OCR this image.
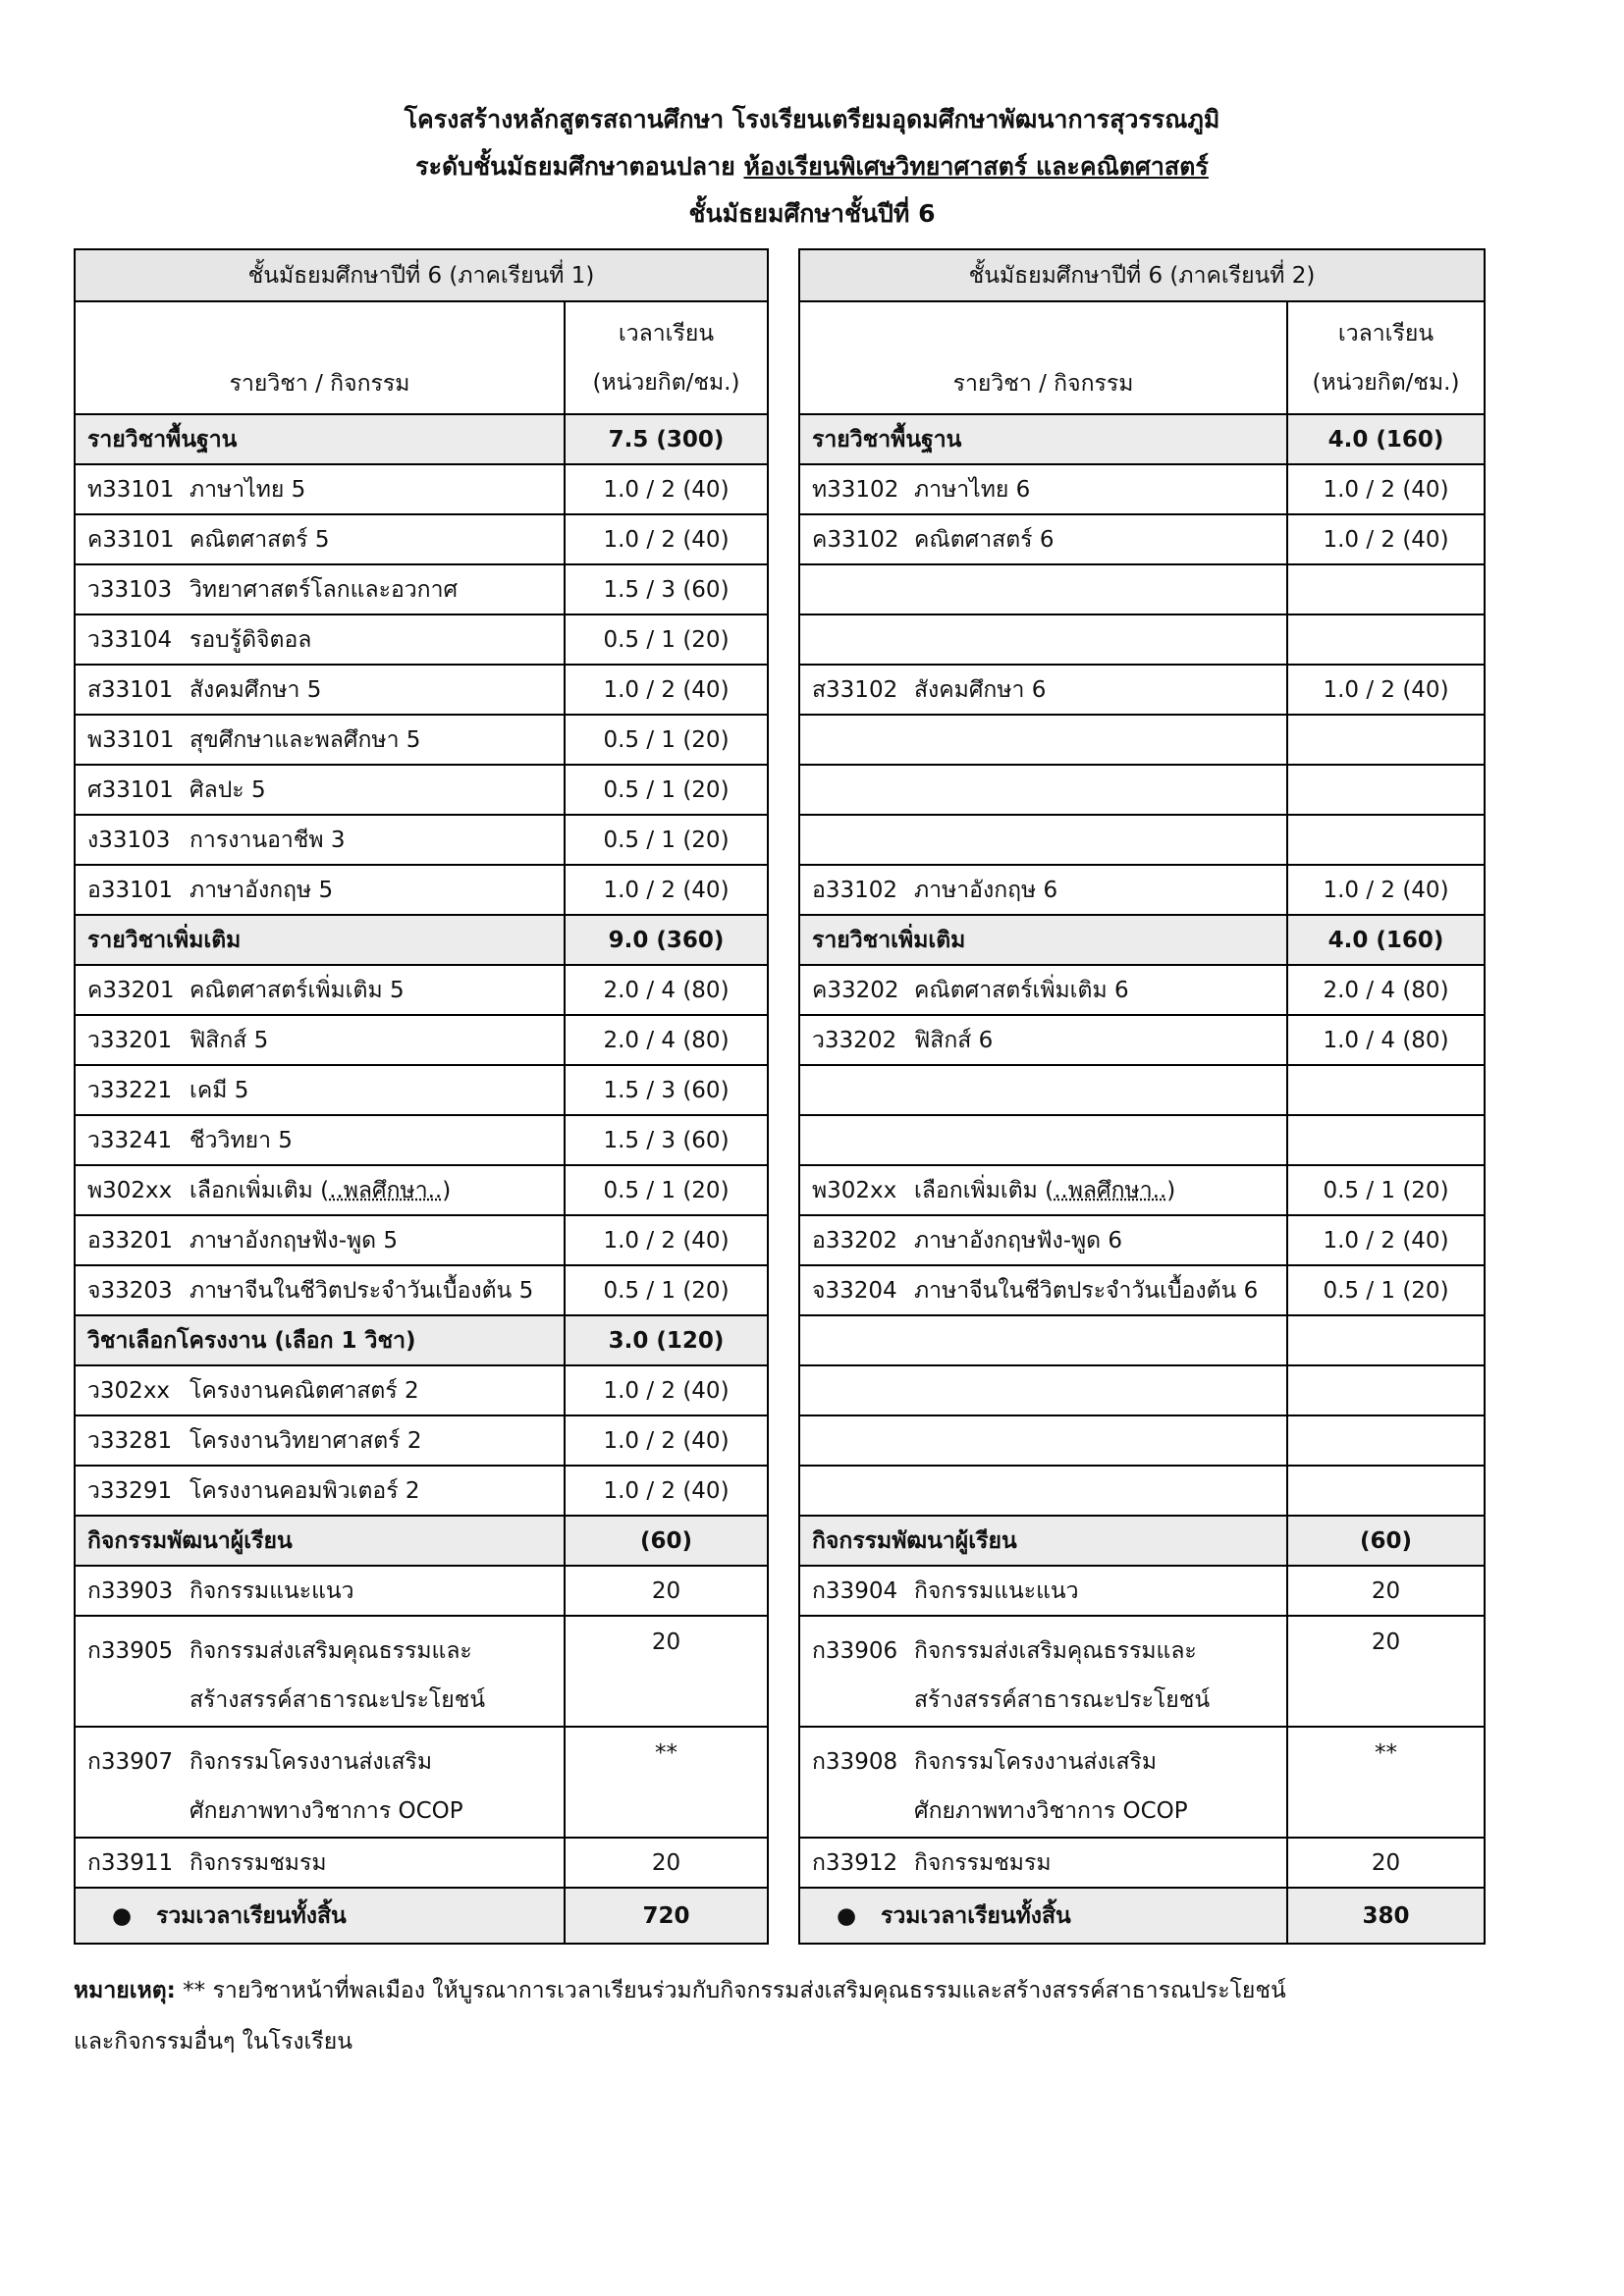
โครงสร้างหลักสูตรสถานศึกษา โรงเรียนเตรียมอุดมศึกษาพัฒนาการสุวรรณภูมิ
ระดับชั้นมัธยมศึกษาตอนปลาย ห้องเรียนพิเศษวิทยาศาสตร์ และคณิตศาสตร์
ชั้นมัธยมศึกษาชั้นปีที่ 6
ชั้นมัธยมศึกษาปีที่ 6 (ภาคเรียนที่ 1)	
รายวิชา / กิจกรรม	เวลาเรียน
(หน่วยกิต/ชม.)
รายวิชาพื้นฐาน	7.5 (300)
ท33101 ภาษาไทย 5	1.0 / 2 (40)
ค33101 คณิตศาสตร์ 5	1.0 / 2 (40)
ว33103 วิทยาศาสตร์โลกและอวกาศ	1.5 / 3 (60)
ว33104 รอบรู้ดิจิตอล	0.5 / 1 (20)
ส33101 สังคมศึกษา 5	1.0 / 2 (40)
พ33101 สุขศึกษาและพลศึกษา 5	0.5 / 1 (20)
ศ33101 ศิลปะ 5	0.5 / 1 (20)
ง33103 การงานอาชีพ 3	0.5 / 1 (20)
อ33101 ภาษาอังกฤษ 5	1.0 / 2 (40)
รายวิชาเพิ่มเติม	9.0 (360)
ค33201 คณิตศาสตร์เพิ่มเติม 5	2.0 / 4 (80)
ว33201 ฟิสิกส์ 5	2.0 / 4 (80)
ว33221 เคมี 5	1.5 / 3 (60)
ว33241 ชีววิทยา 5	1.5 / 3 (60)
พ302xx เลือกเพิ่มเติม (..พลศึกษา..)	0.5 / 1 (20)
อ33201 ภาษาอังกฤษฟัง-พูด 5	1.0 / 2 (40)
จ33203 ภาษาจีนในชีวิตประจำวันเบื้องต้น 5	0.5 / 1 (20)
วิชาเลือกโครงงาน (เลือก 1 วิชา)	3.0 (120)
ว302xx โครงงานคณิตศาสตร์ 2	1.0 / 2 (40)
ว33281 โครงงานวิทยาศาสตร์ 2	1.0 / 2 (40)
ว33291 โครงงานคอมพิวเตอร์ 2	1.0 / 2 (40)
กิจกรรมพัฒนาผู้เรียน	(60)
ก33903 กิจกรรมแนะแนว	20
ก33905 กิจกรรมส่งเสริมคุณธรรมและ
สร้างสรรค์สาธารณะประโยชน์	20
ก33907 กิจกรรมโครงงานส่งเสริม
ศักยภาพทางวิชาการ OCOP	**
ก33911 กิจกรรมชมรม	20
● รวมเวลาเรียนทั้งสิ้น	720
ชั้นมัธยมศึกษาปีที่ 6 (ภาคเรียนที่ 2)	
รายวิชา / กิจกรรม	เวลาเรียน
(หน่วยกิต/ชม.)
รายวิชาพื้นฐาน	4.0 (160)
ท33102 ภาษาไทย 6	1.0 / 2 (40)
ค33102 คณิตศาสตร์ 6	1.0 / 2 (40)

ส33102 สังคมศึกษา 6	1.0 / 2 (40)

อ33102 ภาษาอังกฤษ 6	1.0 / 2 (40)
รายวิชาเพิ่มเติม	4.0 (160)
ค33202 คณิตศาสตร์เพิ่มเติม 6	2.0 / 4 (80)
ว33202 ฟิสิกส์ 6	1.0 / 4 (80)

พ302xx เลือกเพิ่มเติม (..พลศึกษา..)	0.5 / 1 (20)
อ33202 ภาษาอังกฤษฟัง-พูด 6	1.0 / 2 (40)
จ33204 ภาษาจีนในชีวิตประจำวันเบื้องต้น 6	0.5 / 1 (20)

กิจกรรมพัฒนาผู้เรียน	(60)
ก33904 กิจกรรมแนะแนว	20
ก33906 กิจกรรมส่งเสริมคุณธรรมและ
สร้างสรรค์สาธารณะประโยชน์	20
ก33908 กิจกรรมโครงงานส่งเสริม
ศักยภาพทางวิชาการ OCOP	**
ก33912 กิจกรรมชมรม	20
● รวมเวลาเรียนทั้งสิ้น	380
หมายเหตุ: ** รายวิชาหน้าที่พลเมือง ให้บูรณาการเวลาเรียนร่วมกับกิจกรรมส่งเสริมคุณธรรมและสร้างสรรค์สาธารณประโยชน์
และกิจกรรมอื่นๆ ในโรงเรียน
